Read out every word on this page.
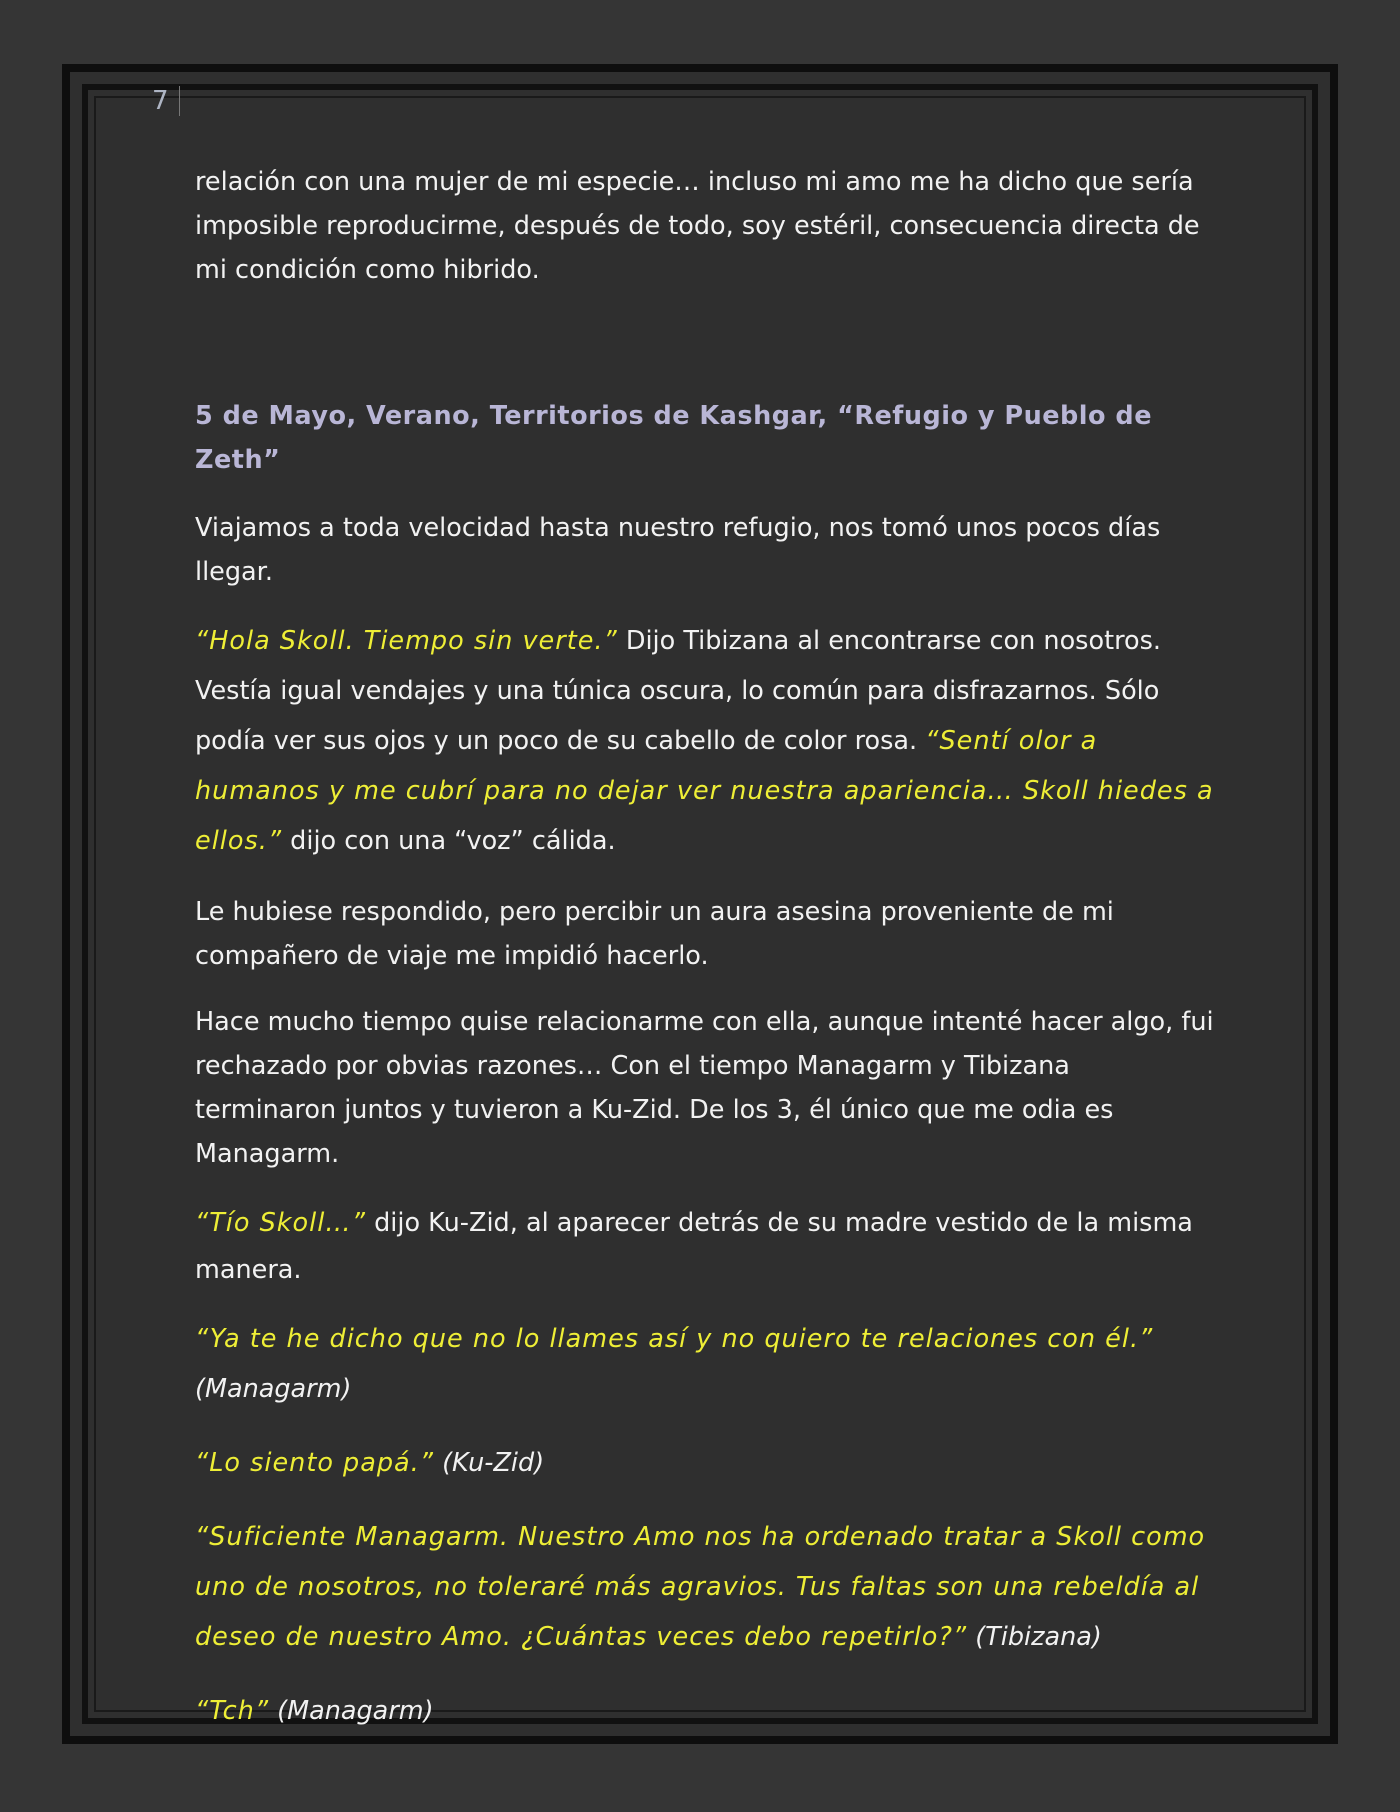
7

relación con una mujer de mi especie… incluso mi amo me ha dicho que sería imposible reproducirme, después de todo, soy estéril, consecuencia directa de mi condición como hibrido.

5 de Mayo, Verano, Territorios de Kashgar, “Refugio y Pueblo de Zeth”

Viajamos a toda velocidad hasta nuestro refugio, nos tomó unos pocos días llegar.

“Hola Skoll. Tiempo sin verte.” Dijo Tibizana al encontrarse con nosotros. Vestía igual vendajes y una túnica oscura, lo común para disfrazarnos. Sólo podía ver sus ojos y un poco de su cabello de color rosa. “Sentí olor a humanos y me cubrí para no dejar ver nuestra apariencia… Skoll hiedes a ellos.” dijo con una “voz” cálida.

Le hubiese respondido, pero percibir un aura asesina proveniente de mi compañero de viaje me impidió hacerlo.

Hace mucho tiempo quise relacionarme con ella, aunque intenté hacer algo, fui rechazado por obvias razones… Con el tiempo Managarm y Tibizana terminaron juntos y tuvieron a Ku-Zid. De los 3, él único que me odia es Managarm.

“Tío Skoll…” dijo Ku-Zid, al aparecer detrás de su madre vestido de la misma manera.

“Ya te he dicho que no lo llames así y no quiero te relaciones con él.” (Managarm)

“Lo siento papá.” (Ku-Zid)

“Suficiente Managarm. Nuestro Amo nos ha ordenado tratar a Skoll como uno de nosotros, no toleraré más agravios. Tus faltas son una rebeldía al deseo de nuestro Amo. ¿Cuántas veces debo repetirlo?” (Tibizana)

“Tch” (Managarm)
